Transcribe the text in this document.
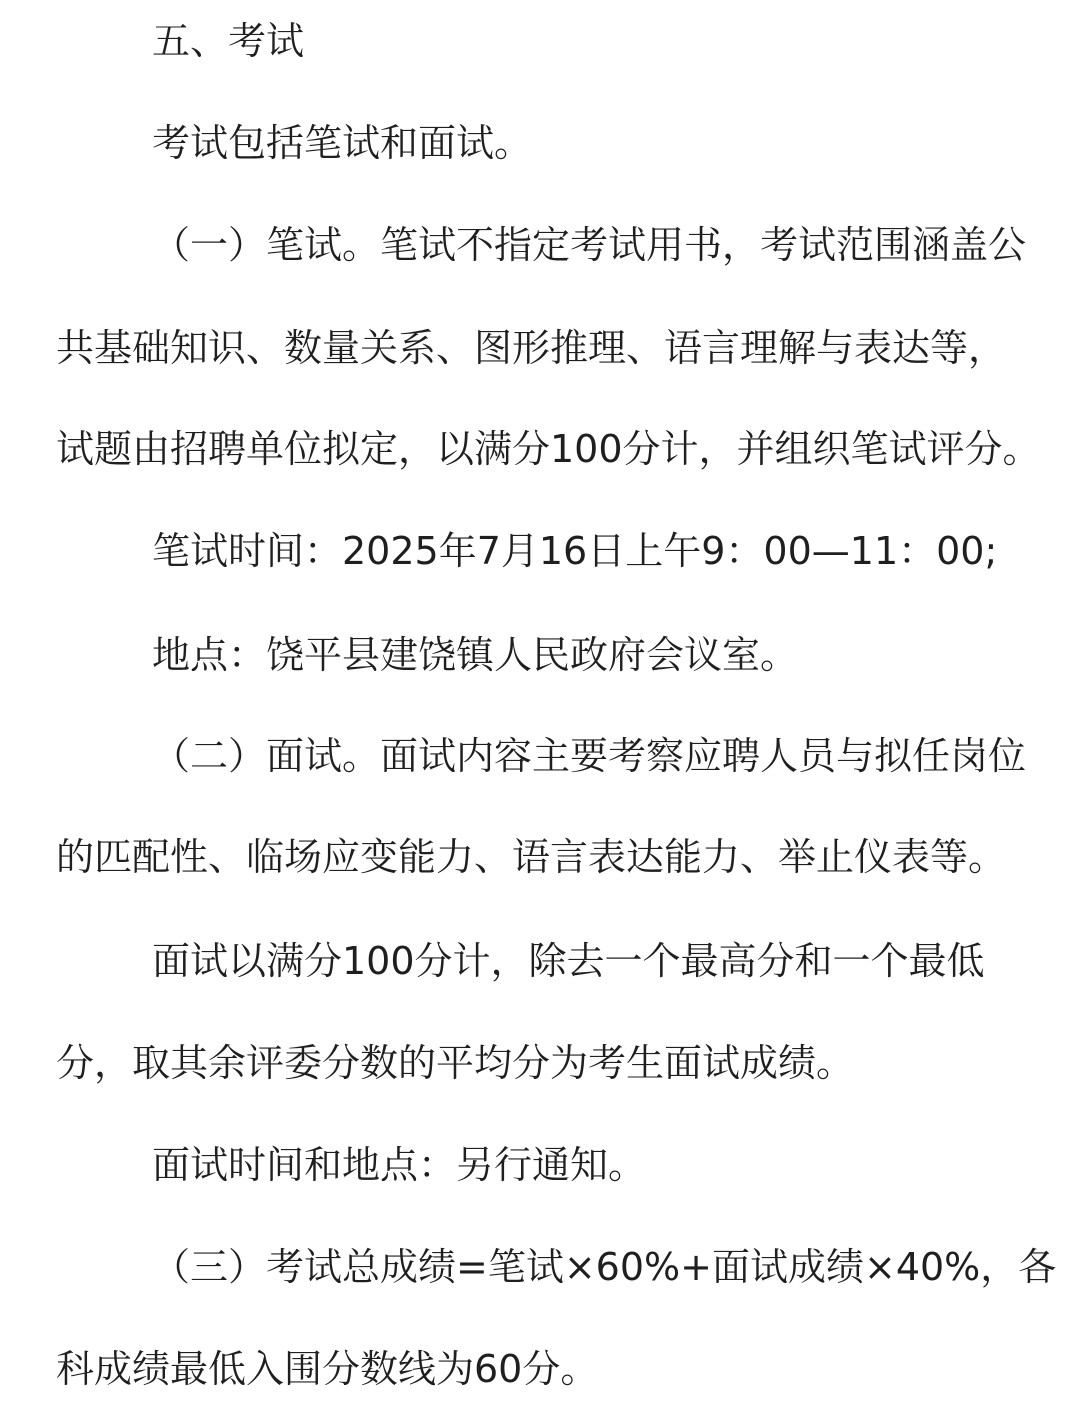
五、考试
考试包括笔试和面试。
（一）笔试。笔试不指定考试用书，考试范围涵盖公
共基础知识、数量关系、图形推理、语言理解与表达等，
试题由招聘单位拟定，以满分100分计，并组织笔试评分。
笔试时间：2025年7月16日上午9：00—11：00;
地点：饶平县建饶镇人民政府会议室。
（二）面试。面试内容主要考察应聘人员与拟任岗位
的匹配性、临场应变能力、语言表达能力、举止仪表等。
面试以满分100分计，除去一个最高分和一个最低
分，取其余评委分数的平均分为考生面试成绩。
面试时间和地点：另行通知。
（三）考试总成绩=笔试×60%+面试成绩×40%，各
科成绩最低入围分数线为60分。
